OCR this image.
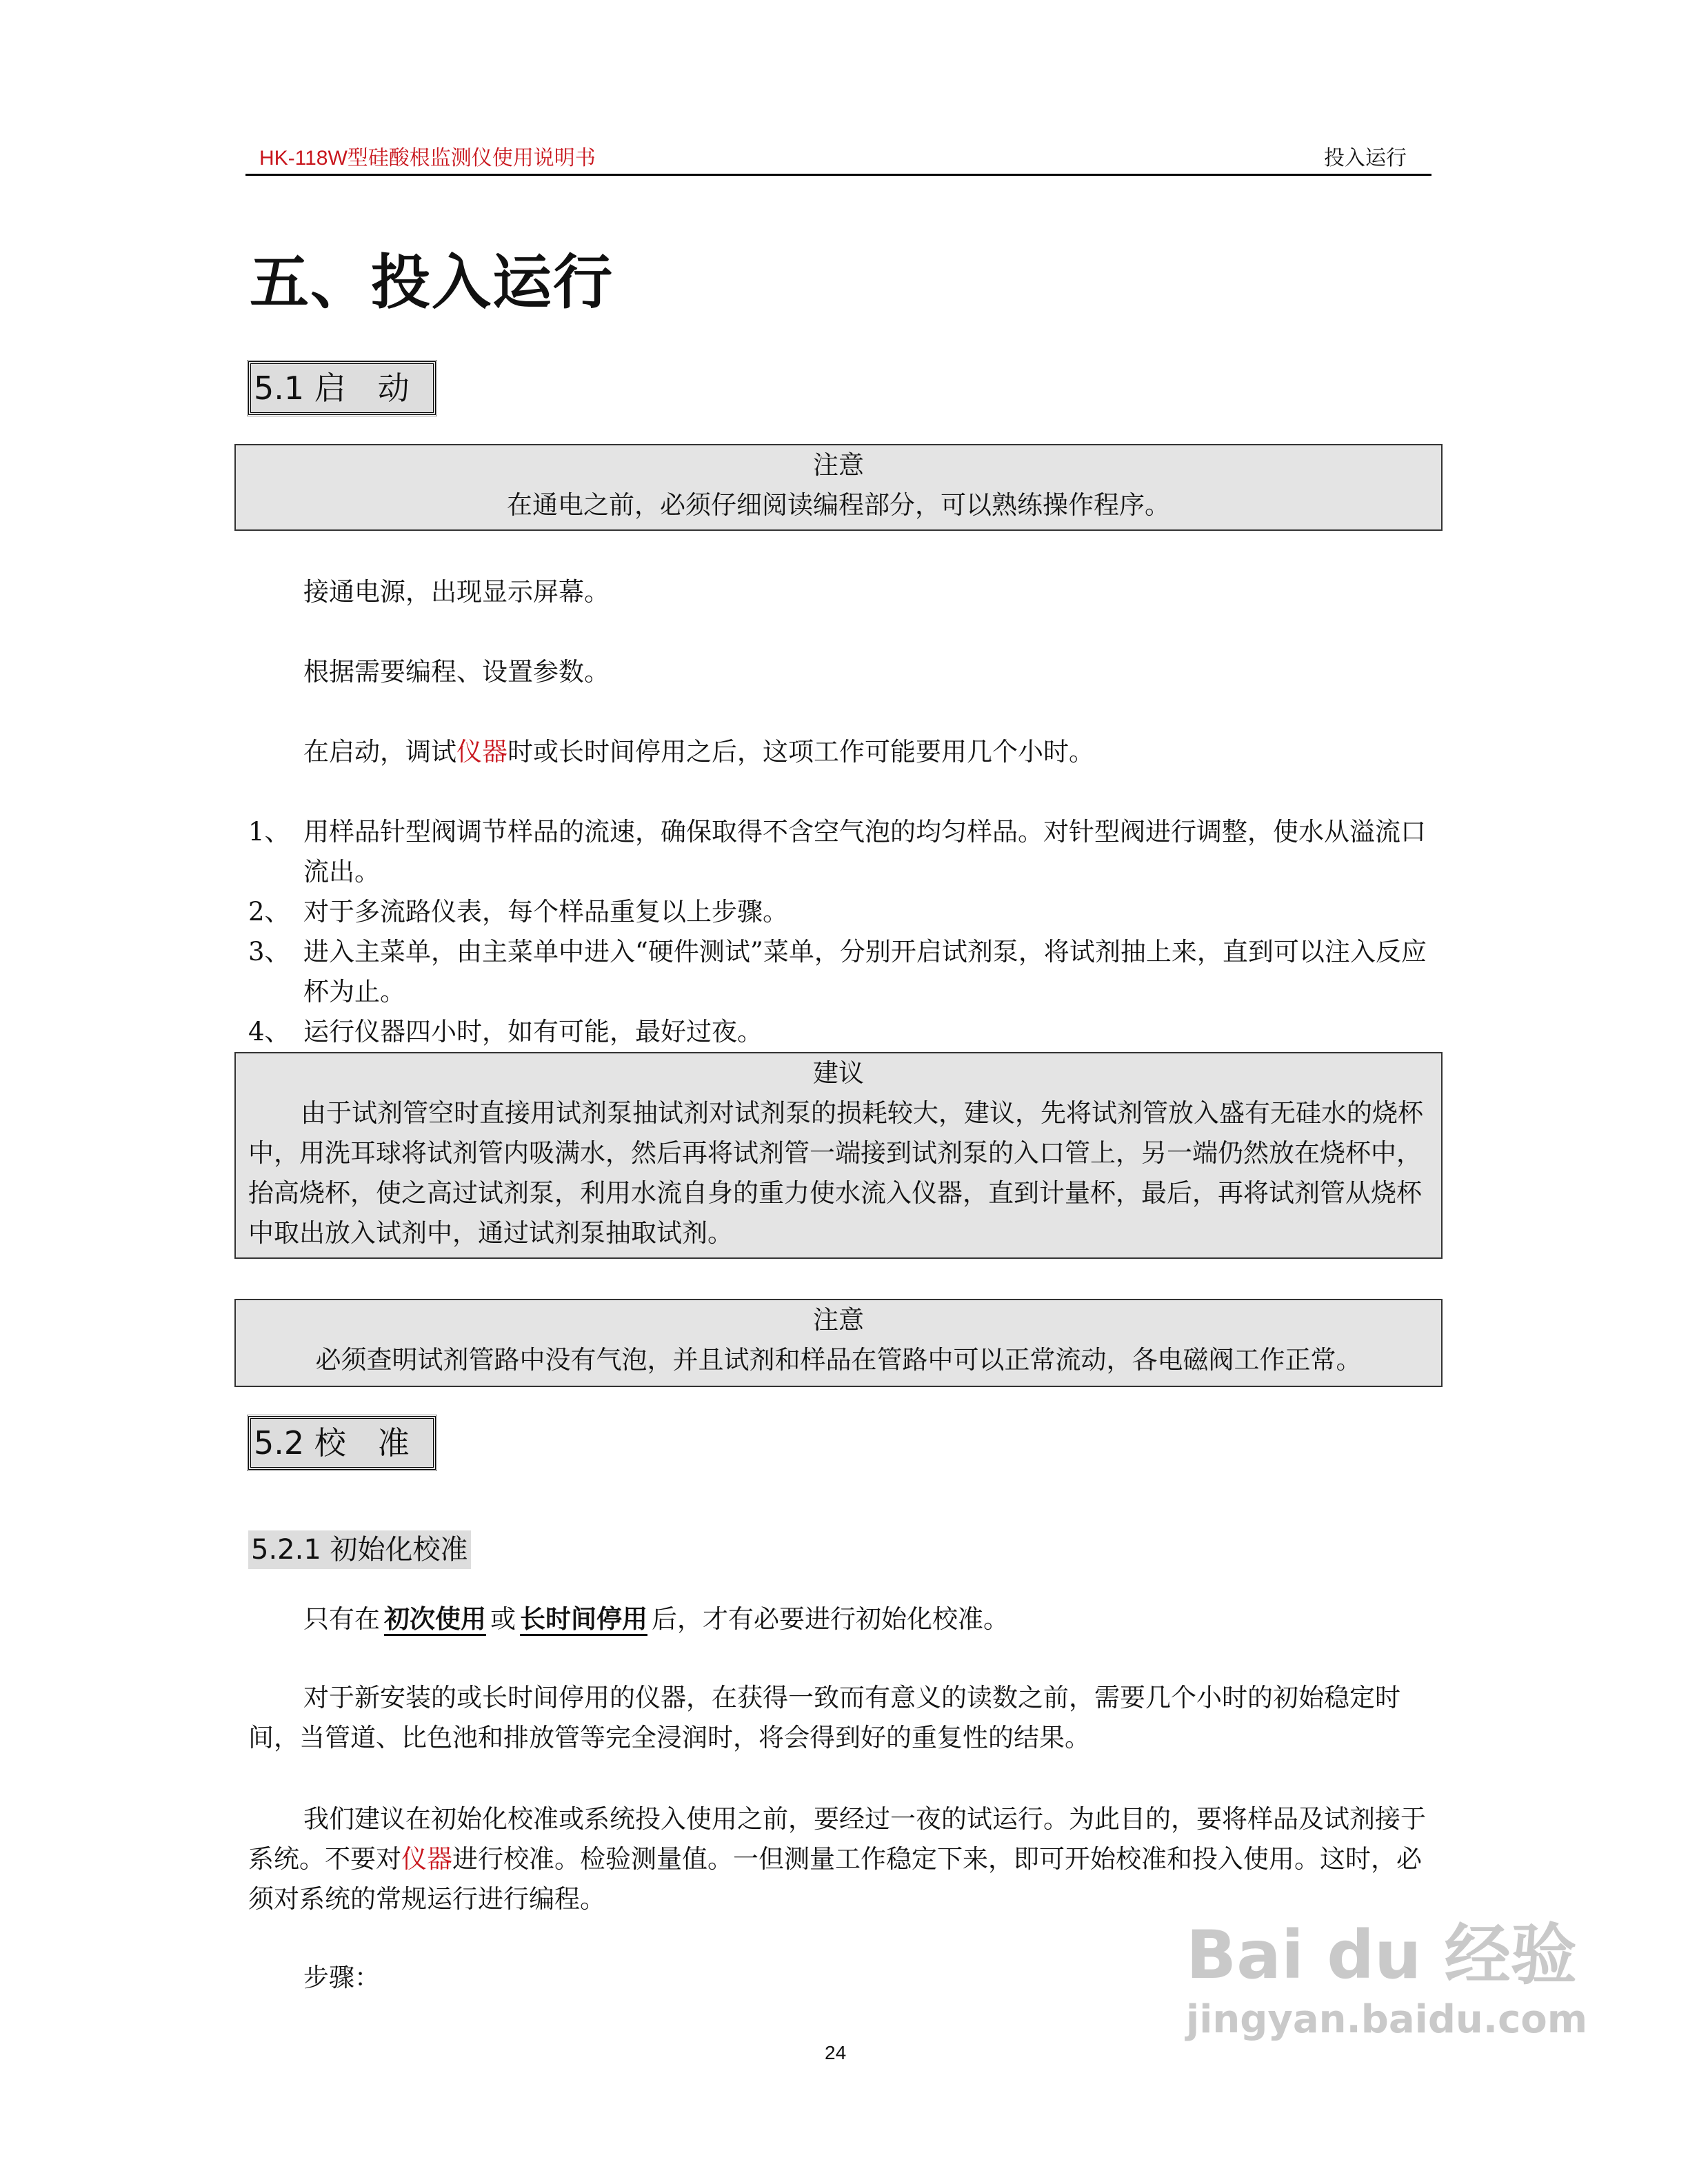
HK-118W型硅酸根监测仪使用说明书	投入运行
五、投入运行
5.1 启　动
注意
在通电之前，必须仔细阅读编程部分，可以熟练操作程序。
接通电源，出现显示屏幕。
根据需要编程、设置参数。
在启动，调试仪器时或长时间停用之后，这项工作可能要用几个小时。
1、 用样品针型阀调节样品的流速，确保取得不含空气泡的均匀样品。对针型阀进行调整，使水从溢流口流出。
2、 对于多流路仪表，每个样品重复以上步骤。
3、 进入主菜单，由主菜单中进入“硬件测试”菜单，分别开启试剂泵，将试剂抽上来，直到可以注入反应杯为止。
4、 运行仪器四小时，如有可能，最好过夜。
建议
由于试剂管空时直接用试剂泵抽试剂对试剂泵的损耗较大，建议，先将试剂管放入盛有无硅水的烧杯中，用洗耳球将试剂管内吸满水，然后再将试剂管一端接到试剂泵的入口管上，另一端仍然放在烧杯中，抬高烧杯，使之高过试剂泵，利用水流自身的重力使水流入仪器，直到计量杯，最后，再将试剂管从烧杯中取出放入试剂中，通过试剂泵抽取试剂。
注意
必须查明试剂管路中没有气泡，并且试剂和样品在管路中可以正常流动，各电磁阀工作正常。
5.2 校　准
5.2.1 初始化校准
只有在 初次使用 或 长时间停用 后，才有必要进行初始化校准。
对于新安装的或长时间停用的仪器，在获得一致而有意义的读数之前，需要几个小时的初始稳定时间，当管道、比色池和排放管等完全浸润时，将会得到好的重复性的结果。
我们建议在初始化校准或系统投入使用之前，要经过一夜的试运行。为此目的，要将样品及试剂接于系统。不要对仪器进行校准。检验测量值。一但测量工作稳定下来，即可开始校准和投入使用。这时，必须对系统的常规运行进行编程。
步骤：
24
Bai du 经验
jingyan.baidu.com
